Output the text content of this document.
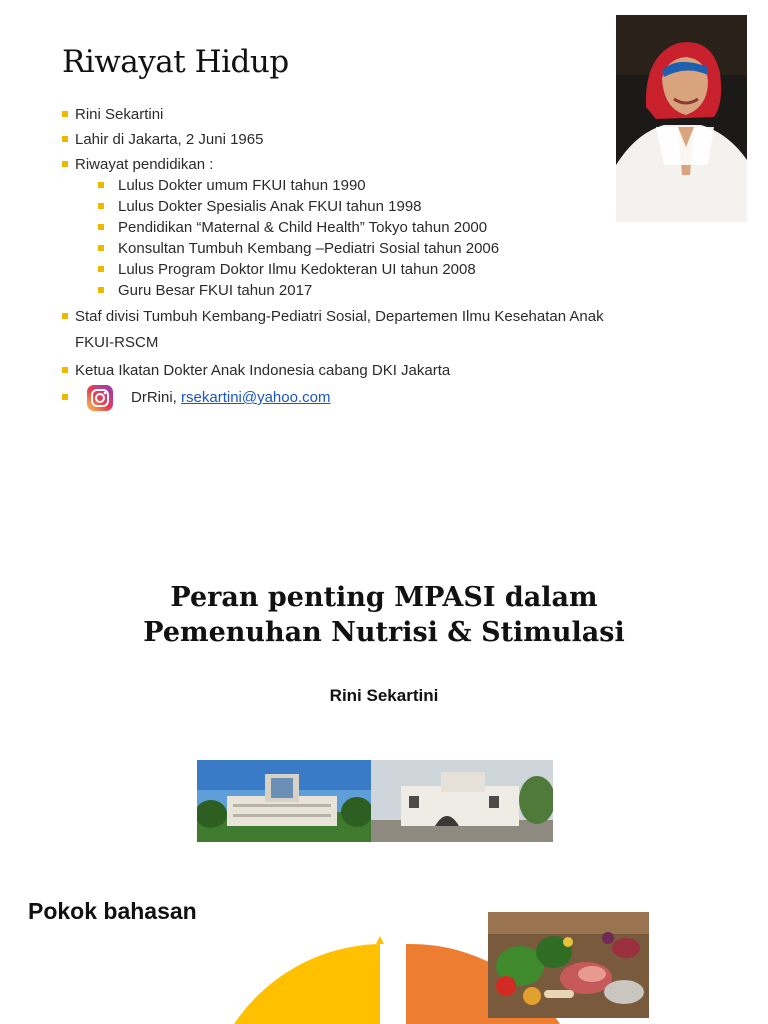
Riwayat Hidup
Rini Sekartini
Lahir di Jakarta, 2 Juni 1965
Riwayat pendidikan :
Lulus Dokter umum FKUI tahun 1990
Lulus Dokter Spesialis Anak FKUI tahun 1998
Pendidikan “Maternal & Child Health” Tokyo tahun 2000
Konsultan Tumbuh Kembang –Pediatri Sosial tahun 2006
Lulus Program Doktor Ilmu Kedokteran UI tahun 2008
Guru Besar FKUI tahun 2017
Staf divisi Tumbuh Kembang-Pediatri Sosial, Departemen Ilmu Kesehatan Anak
FKUI-RSCM
Ketua Ikatan Dokter Anak Indonesia cabang DKI Jakarta
DrRini, rsekartini@yahoo.com
Peran penting MPASI dalam
Pemenuhan Nutrisi & Stimulasi
Rini Sekartini
Pokok bahasan
